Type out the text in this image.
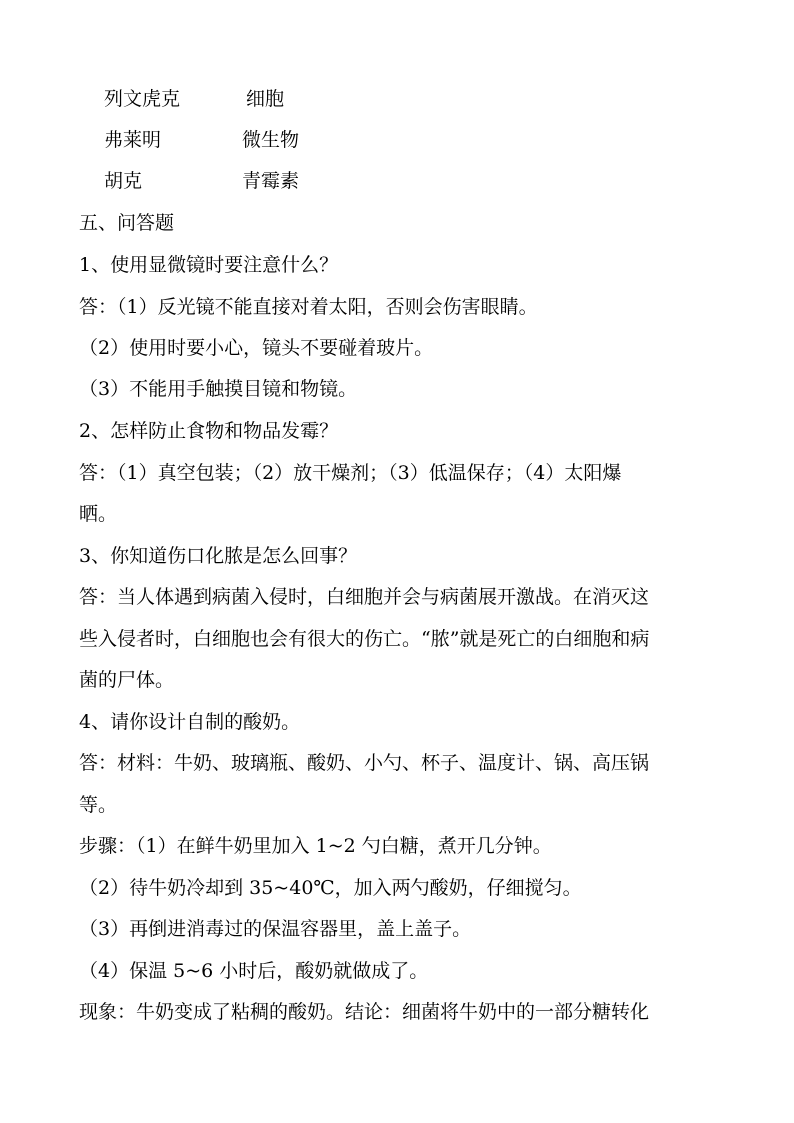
列文虎克	细胞
弗莱明	微生物
胡克	青霉素
五、问答题
1、使用显微镜时要注意什么？
答：（1）反光镜不能直接对着太阳，否则会伤害眼睛。
（2）使用时要小心，镜头不要碰着玻片。
（3）不能用手触摸目镜和物镜。
2、怎样防止食物和物品发霉？
答：（1）真空包装；（2）放干燥剂；（3）低温保存；（4）太阳爆
晒。
3、你知道伤口化脓是怎么回事？
答：当人体遇到病菌入侵时，白细胞并会与病菌展开激战。在消灭这
些入侵者时，白细胞也会有很大的伤亡。“脓”就是死亡的白细胞和病
菌的尸体。
4、请你设计自制的酸奶。
答：材料：牛奶、玻璃瓶、酸奶、小勺、杯子、温度计、锅、高压锅
等。
步骤：（1）在鲜牛奶里加入 1~2 勺白糖，煮开几分钟。
（2）待牛奶冷却到 35~40℃，加入两勺酸奶，仔细搅匀。
（3）再倒进消毒过的保温容器里，盖上盖子。
（4）保温 5~6 小时后，酸奶就做成了。
现象：牛奶变成了粘稠的酸奶。结论：细菌将牛奶中的一部分糖转化
